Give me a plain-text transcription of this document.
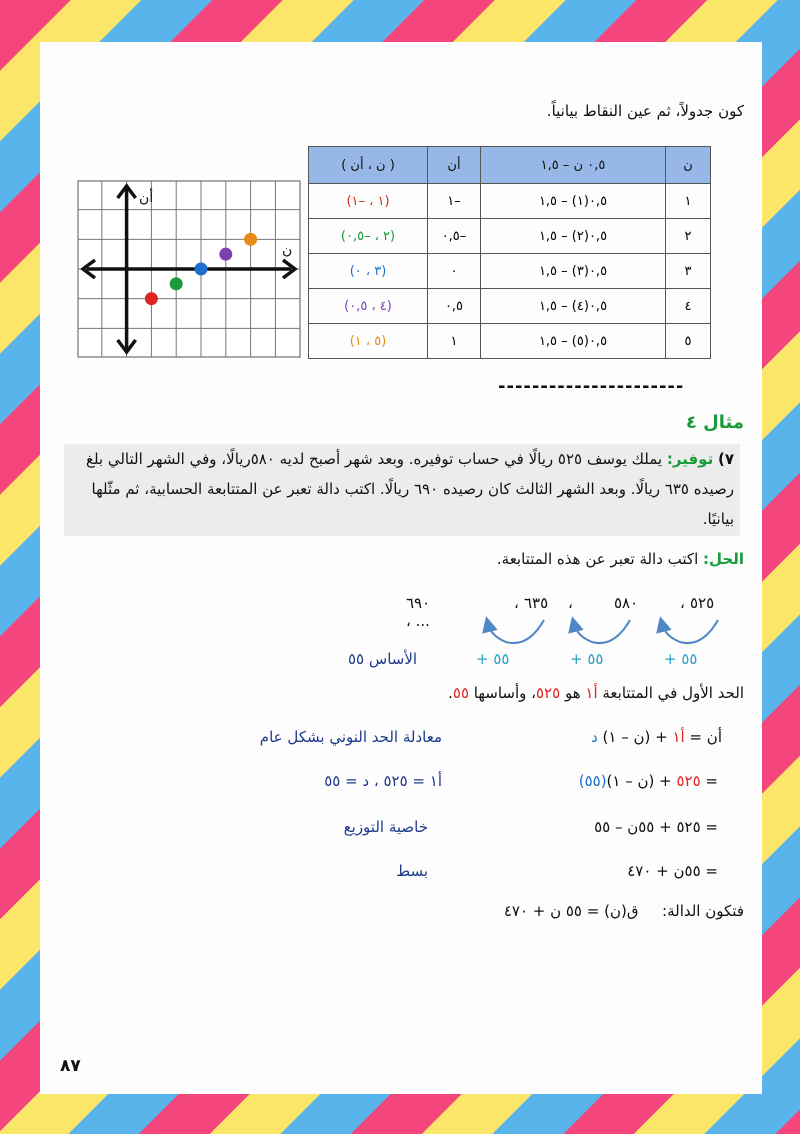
كون جدولاً، ثم عين النقاط بيانياً.
أن
ن
ن	٠,٥ ن – ١,٥	أن	( ن ، أن )
١	٠,٥(١) – ١,٥	–١	(١ ، –١)
٢	٠,٥(٢) – ١,٥	–٠,٥	(٢ ، –٠,٥)
٣	٠,٥(٣) – ١,٥	٠	(٣ ، ٠)
٤	٠,٥(٤) – ١,٥	٠,٥	(٤ ، ٠,٥)
٥	٠,٥(٥) – ١,٥	١	(٥ ، ١)
----------------------
مثال ٤
٧) توفير: يملك يوسف ٥٢٥ ريالًا في حساب توفيره. وبعد شهر أصبح لديه ٥٨٠ريالًا، وفي الشهر التالي بلغ رصيده ٦٣٥ ريالًا. وبعد الشهر الثالث كان رصيده ٦٩٠ ريالًا. اكتب دالة تعبر عن المتتابعة الحسابية، ثم مثّلها بيانيًا.
الحل: اكتب دالة تعبر عن هذه المتتابعة.
٥٢٥
،
٥٨٠
،
٦٣٥
،
٦٩٠ ، ...
+ ٥٥
+ ٥٥
+ ٥٥
الأساس ٥٥
الحد الأول في المتتابعة أ١ هو ٥٢٥، وأساسها ٥٥.
أن = أ١ + (ن – ١) د
معادلة الحد النوني بشكل عام
= ٥٢٥ + (ن – ١)(٥٥)
أ١ = ٥٢٥ ، د = ٥٥
= ٥٢٥ + ٥٥ن – ٥٥
خاصية التوزيع
= ٥٥ن + ٤٧٠
بسط
فتكون الدالة:  ق(ن) = ٥٥ ن + ٤٧٠
٨٧
